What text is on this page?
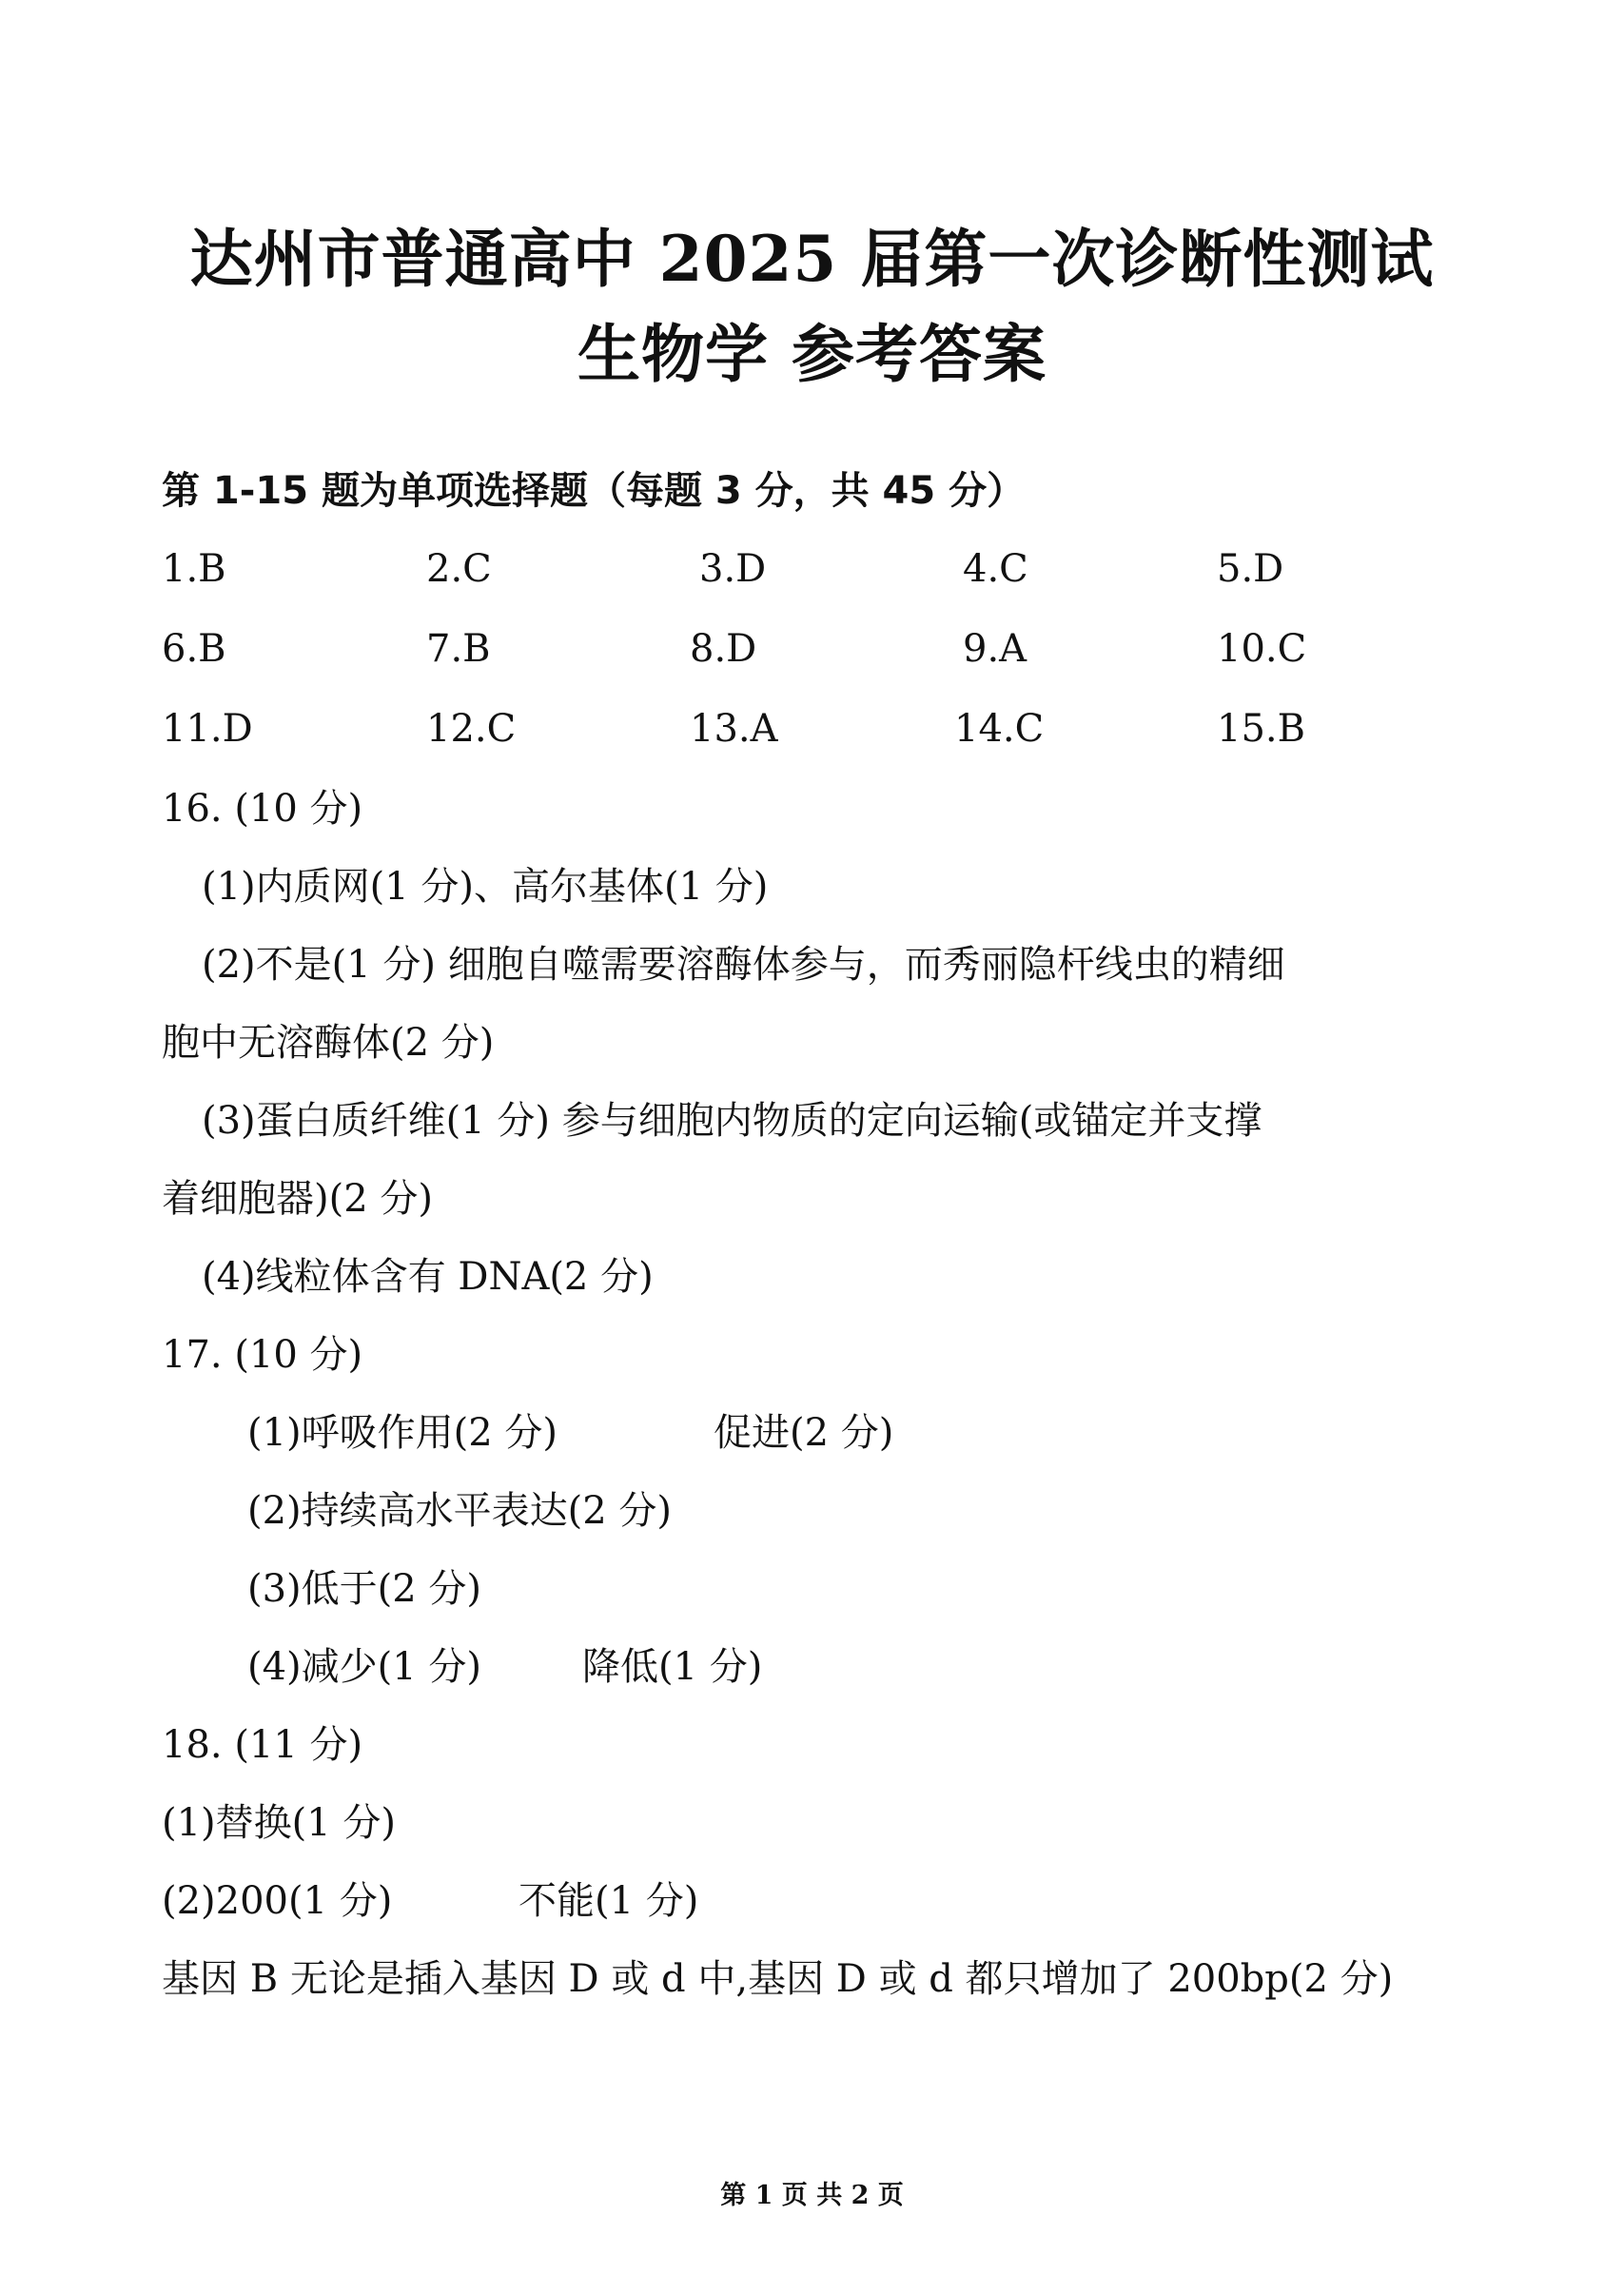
达州市普通高中 2025 届第一次诊断性测试
生物学 参考答案
第 1-15 题为单项选择题（每题 3 分，共 45 分）
1.B	2.C	3.D	4.C	5.D
6.B	7.B	8.D	9.A	10.C
11.D	12.C	13.A	14.C	15.B
16. (10 分)
(1)内质网(1 分)、高尔基体(1 分)
(2)不是(1 分) 细胞自噬需要溶酶体参与，而秀丽隐杆线虫的精细
胞中无溶酶体(2 分)
(3)蛋白质纤维(1 分) 参与细胞内物质的定向运输(或锚定并支撑
着细胞器)(2 分)
(4)线粒体含有 DNA(2 分)
17. (10 分)
(1)呼吸作用(2 分)	促进(2 分)
(2)持续高水平表达(2 分)
(3)低于(2 分)
(4)减少(1 分)	降低(1 分)
18. (11 分)
(1)替换(1 分)
(2)200(1 分)	不能(1 分)
基因 B 无论是插入基因 D 或 d 中,基因 D 或 d 都只增加了 200bp(2 分)
第 1 页 共 2 页
